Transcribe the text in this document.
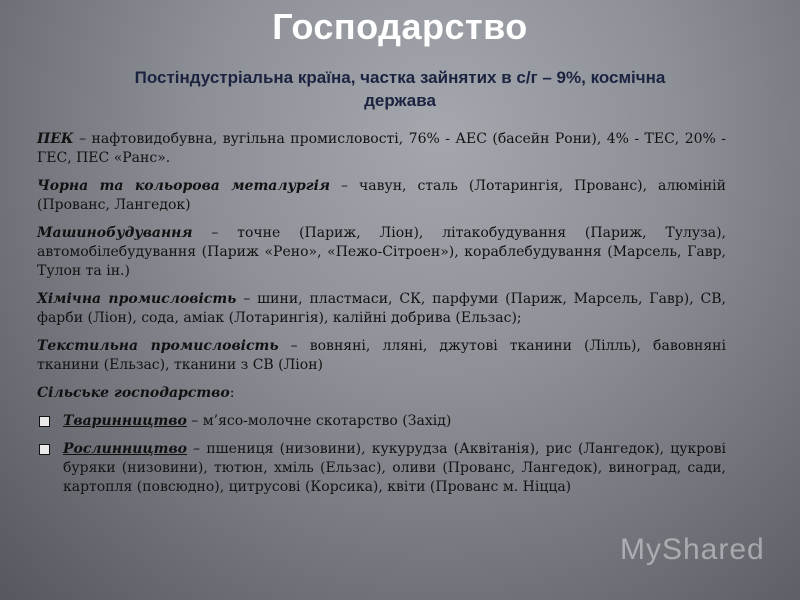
Господарство
Постіндустріальна країна, частка зайнятих в с/г – 9%, космічна держава

ПЕК – нафтовидобувна, вугільна промисловості, 76% - АЕС (басейн Рони), 4% - ТЕС, 20% - ГЕС, ПЕС «Ранс».

Чорна та кольорова металургія – чавун, сталь (Лотарингія, Прованс), алюміній (Прованс, Лангедок)

Машинобудування – точне (Париж, Ліон), літакобудування (Париж, Тулуза), автомобілебудування (Париж «Рено», «Пежо-Сітроен»), кораблебудування (Марсель, Гавр, Тулон та ін.)

Хімічна промисловість – шини, пластмаси, СК, парфуми (Париж, Марсель, Гавр), СВ, фарби (Ліон), сода, аміак (Лотарингія), калійні добрива (Ельзас);

Текстильна промисловість – вовняні, лляні, джутові тканини (Лілль), бавовняні тканини (Ельзас), тканини з СВ (Ліон)

Сільське господарство:

Тваринництво – м’ясо-молочне скотарство (Захід)
Рослинництво – пшениця (низовини), кукурудза (Аквітанія), рис (Лангедок), цукрові буряки (низовини), тютюн, хміль (Ельзас), оливи (Прованс, Лангедок), виноград, сади, картопля (повсюдно), цитрусові (Корсика), квіти (Прованс м. Ніцца)
MyShared
